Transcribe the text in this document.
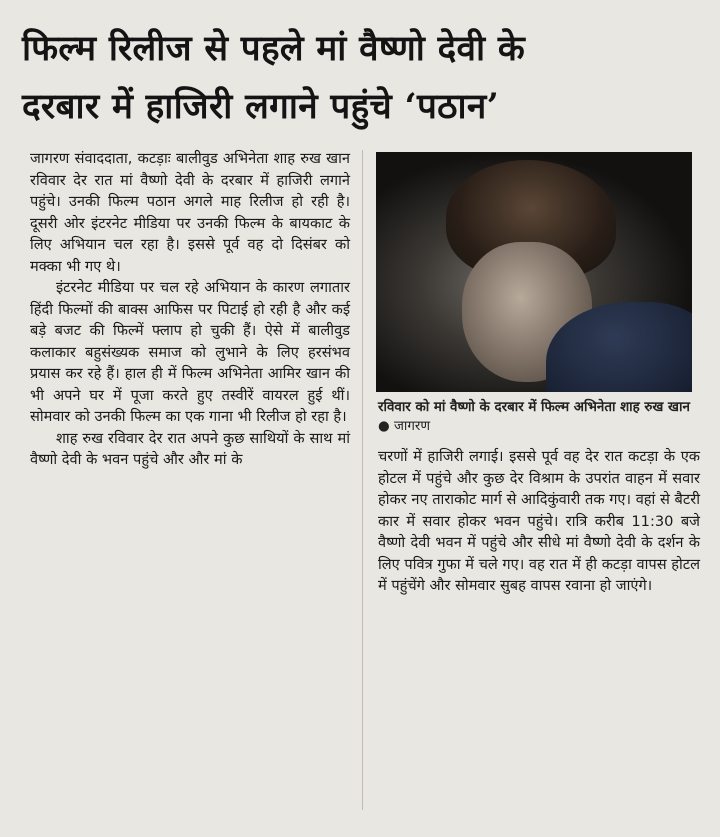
फिल्म रिलीज से पहले मां वैष्णो देवी के
दरबार में हाजिरी लगाने पहुंचे ‘पठान’

जागरण संवाददाता, कटड़ाः बालीवुड अभिनेता शाह रुख खान रविवार देर रात मां वैष्णो देवी के दरबार में हाजिरी लगाने पहुंचे। उनकी फिल्म पठान अगले माह रिलीज हो रही है। दूसरी ओर इंटरनेट मीडिया पर उनकी फिल्म के बायकाट के लिए अभियान चल रहा है। इससे पूर्व वह दो दिसंबर को मक्का भी गए थे।

इंटरनेट मीडिया पर चल रहे अभियान के कारण लगातार हिंदी फिल्मों की बाक्स आफिस पर पिटाई हो रही है और कई बड़े बजट की फिल्में फ्लाप हो चुकी हैं। ऐसे में बालीवुड कलाकार बहुसंख्यक समाज को लुभाने के लिए हरसंभव प्रयास कर रहे हैं। हाल ही में फिल्म अभिनेता आमिर खान की भी अपने घर में पूजा करते हुए तस्वीरें वायरल हुई थीं। सोमवार को उनकी फिल्म का एक गाना भी रिलीज हो रहा है।

शाह रुख रविवार देर रात अपने कुछ साथियों के साथ मां वैष्णो देवी के भवन पहुंचे और और मां के

रविवार को मां वैष्णो के दरबार में फिल्म अभिनेता शाह रुख खान ● जागरण

चरणों में हाजिरी लगाई। इससे पूर्व वह देर रात कटड़ा के एक होटल में पहुंचे और कुछ देर विश्राम के उपरांत वाहन में सवार होकर नए ताराकोट मार्ग से आदिकुंवारी तक गए। वहां से बैटरी कार में सवार होकर भवन पहुंचे। रात्रि करीब 11:30 बजे वैष्णो देवी भवन में पहुंचे और सीधे मां वैष्णो देवी के दर्शन के लिए पवित्र गुफा में चले गए। वह रात में ही कटड़ा वापस होटल में पहुंचेंगे और सोमवार सुबह वापस रवाना हो जाएंगे।
